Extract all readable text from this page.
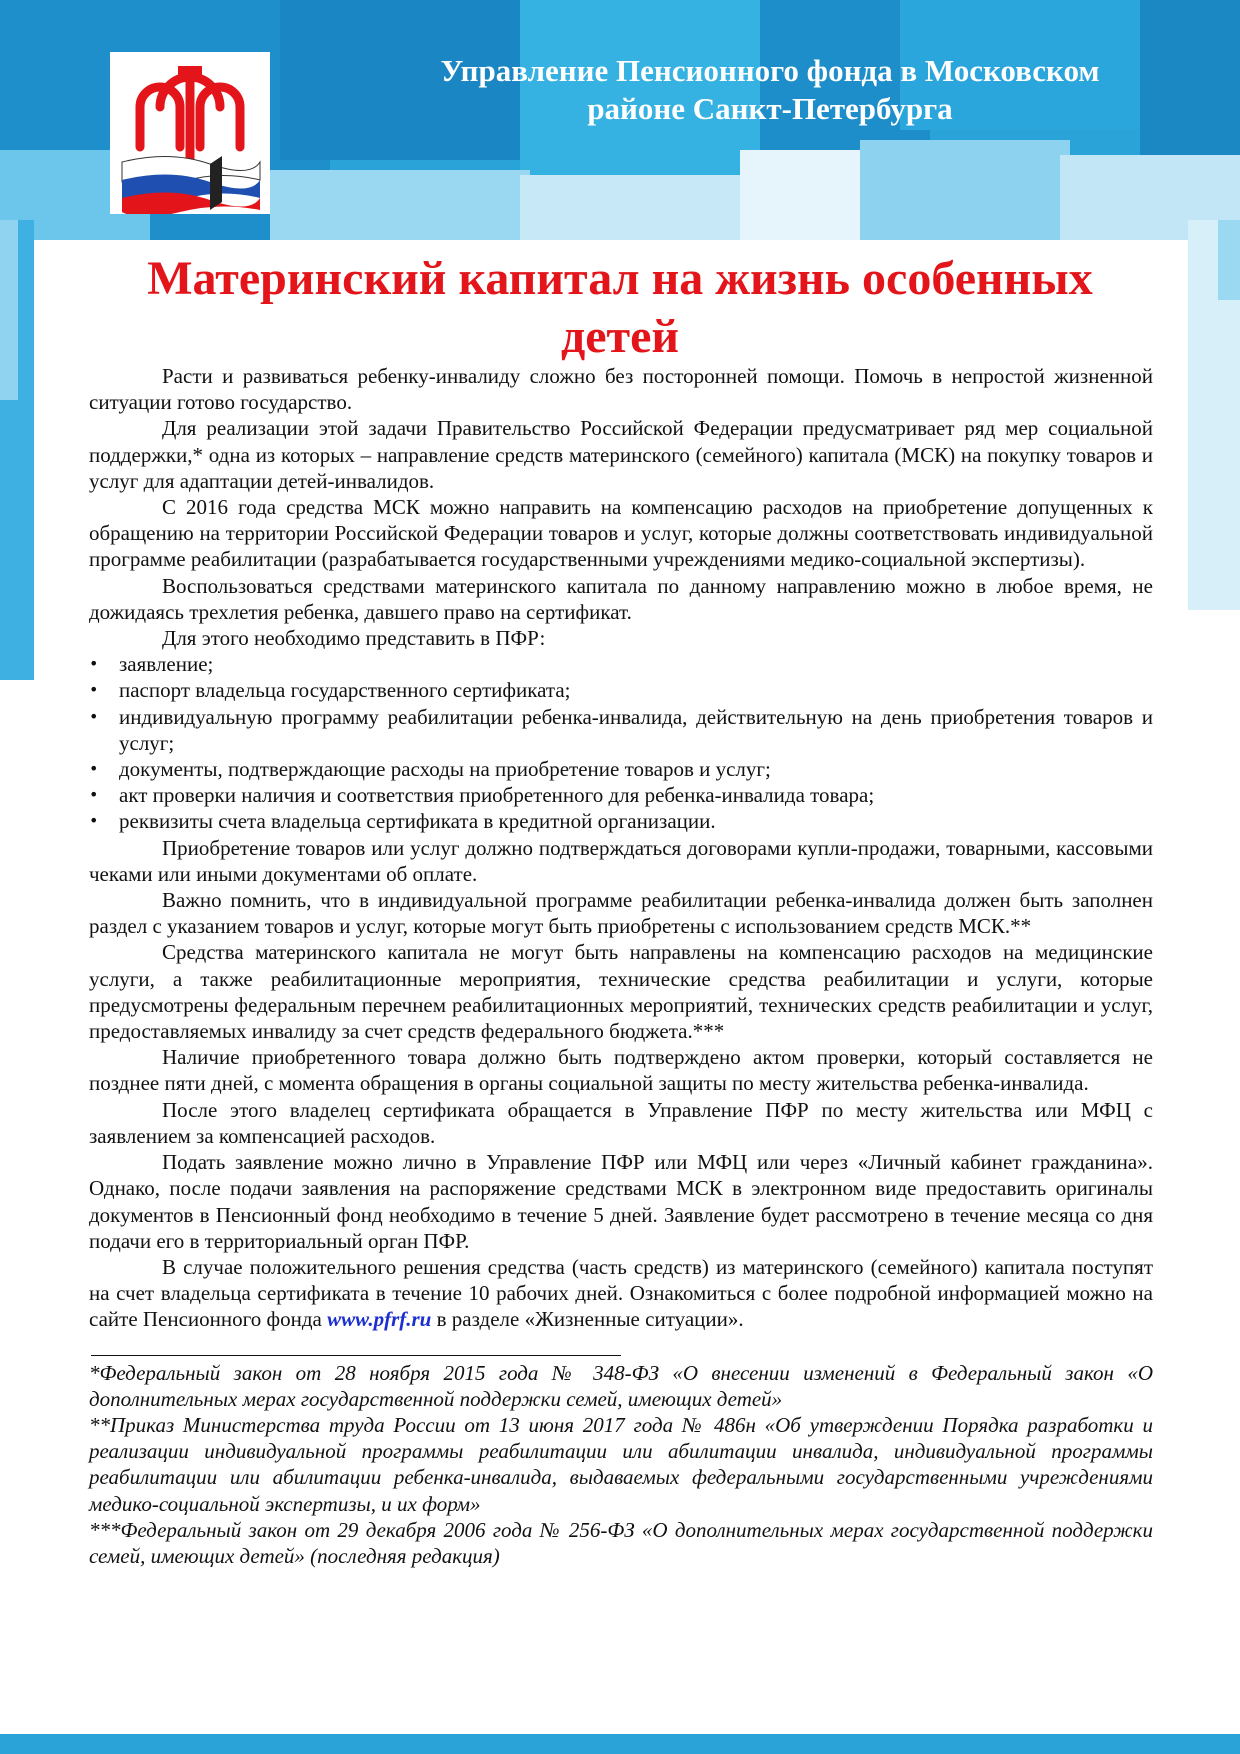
Управление Пенсионного фонда в Московском
районе Санкт-Петербурга
Материнский капитал на жизнь особенных детей

Расти и развиваться ребенку-инвалиду сложно без посторонней помощи. Помочь в непростой жизненной ситуации готово государство.

Для реализации этой задачи Правительство Российской Федерации предусматривает ряд мер социальной поддержки,* одна из которых – направление средств материнского (семейного) капитала (МСК) на покупку товаров и услуг для адаптации детей-инвалидов.

С 2016 года средства МСК можно направить на компенсацию расходов на приобретение допущенных к обращению на территории Российской Федерации товаров и услуг, которые должны соответствовать индивидуальной программе реабилитации (разрабатывается государственными учреждениями медико-социальной экспертизы).

Воспользоваться средствами материнского капитала по данному направлению можно в любое время, не дожидаясь трехлетия ребенка, давшего право на сертификат.

Для этого необходимо представить в ПФР:

• заявление;
• паспорт владельца государственного сертификата;
• индивидуальную программу реабилитации ребенка-инвалида, действительную на день приобретения товаров и услуг;
• документы, подтверждающие расходы на приобретение товаров и услуг;
• акт проверки наличия и соответствия приобретенного для ребенка-инвалида товара;
• реквизиты счета владельца сертификата в кредитной организации.

Приобретение товаров или услуг должно подтверждаться договорами купли-продажи, товарными, кассовыми чеками или иными документами об оплате.

Важно помнить, что в индивидуальной программе реабилитации ребенка-инвалида должен быть заполнен раздел с указанием товаров и услуг, которые могут быть приобретены с использованием средств МСК.**

Средства материнского капитала не могут быть направлены на компенсацию расходов на медицинские услуги, а также реабилитационные мероприятия, технические средства реабилитации и услуги, которые предусмотрены федеральным перечнем реабилитационных мероприятий, технических средств реабилитации и услуг, предоставляемых инвалиду за счет средств федерального бюджета.***

Наличие приобретенного товара должно быть подтверждено актом проверки, который составляется не позднее пяти дней, с момента обращения в органы социальной защиты по месту жительства ребенка-инвалида.

После этого владелец сертификата обращается в Управление ПФР по месту жительства или МФЦ с заявлением за компенсацией расходов.

Подать заявление можно лично в Управление ПФР или МФЦ или через «Личный кабинет гражданина». Однако, после подачи заявления на распоряжение средствами МСК в электронном виде предоставить оригиналы документов в Пенсионный фонд необходимо в течение 5 дней. Заявление будет рассмотрено в течение месяца со дня подачи его в территориальный орган ПФР.

В случае положительного решения средства (часть средств) из материнского (семейного) капитала поступят на счет владельца сертификата в течение 10 рабочих дней. Ознакомиться с более подробной информацией можно на сайте Пенсионного фонда www.pfrf.ru в разделе «Жизненные ситуации».

*Федеральный закон от 28 ноября 2015 года № 348-ФЗ «О внесении изменений в Федеральный закон «О дополнительных мерах государственной поддержки семей, имеющих детей»

**Приказ Министерства труда России от 13 июня 2017 года № 486н «Об утверждении Порядка разработки и реализации индивидуальной программы реабилитации или абилитации инвалида, индивидуальной программы реабилитации или абилитации ребенка-инвалида, выдаваемых федеральными государственными учреждениями медико-социальной экспертизы, и их форм»

***Федеральный закон от 29 декабря 2006 года № 256-ФЗ «О дополнительных мерах государственной поддержки семей, имеющих детей» (последняя редакция)
